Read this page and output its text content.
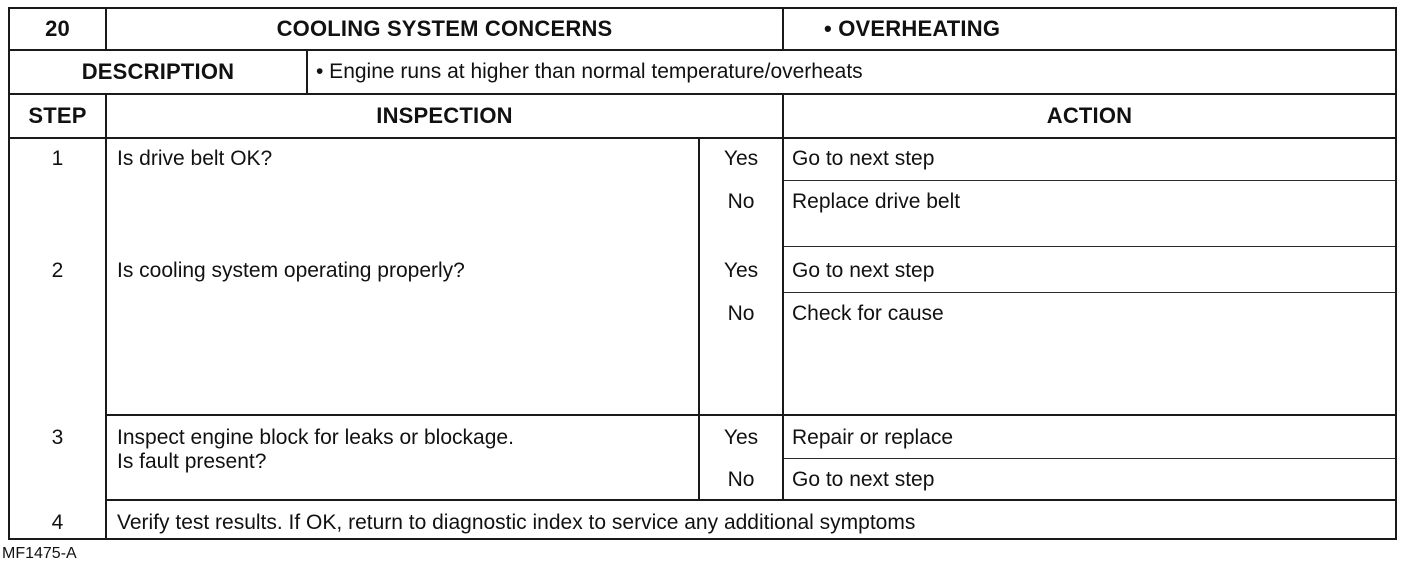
20	COOLING SYSTEM CONCERNS	• OVERHEATING
DESCRIPTION	• Engine runs at higher than normal temperature/overheats
STEP	INSPECTION	ACTION
1	Is drive belt OK?	Yes	Go to next step
No	Replace drive belt
2	Is cooling system operating properly?	Yes	Go to next step
No	Check for cause
3	Inspect engine block for leaks or blockage.
Is fault present?
Yes	Repair or replace
No	Go to next step
4	Verify test results. If OK, return to diagnostic index to service any additional symptoms
MF1475-A
